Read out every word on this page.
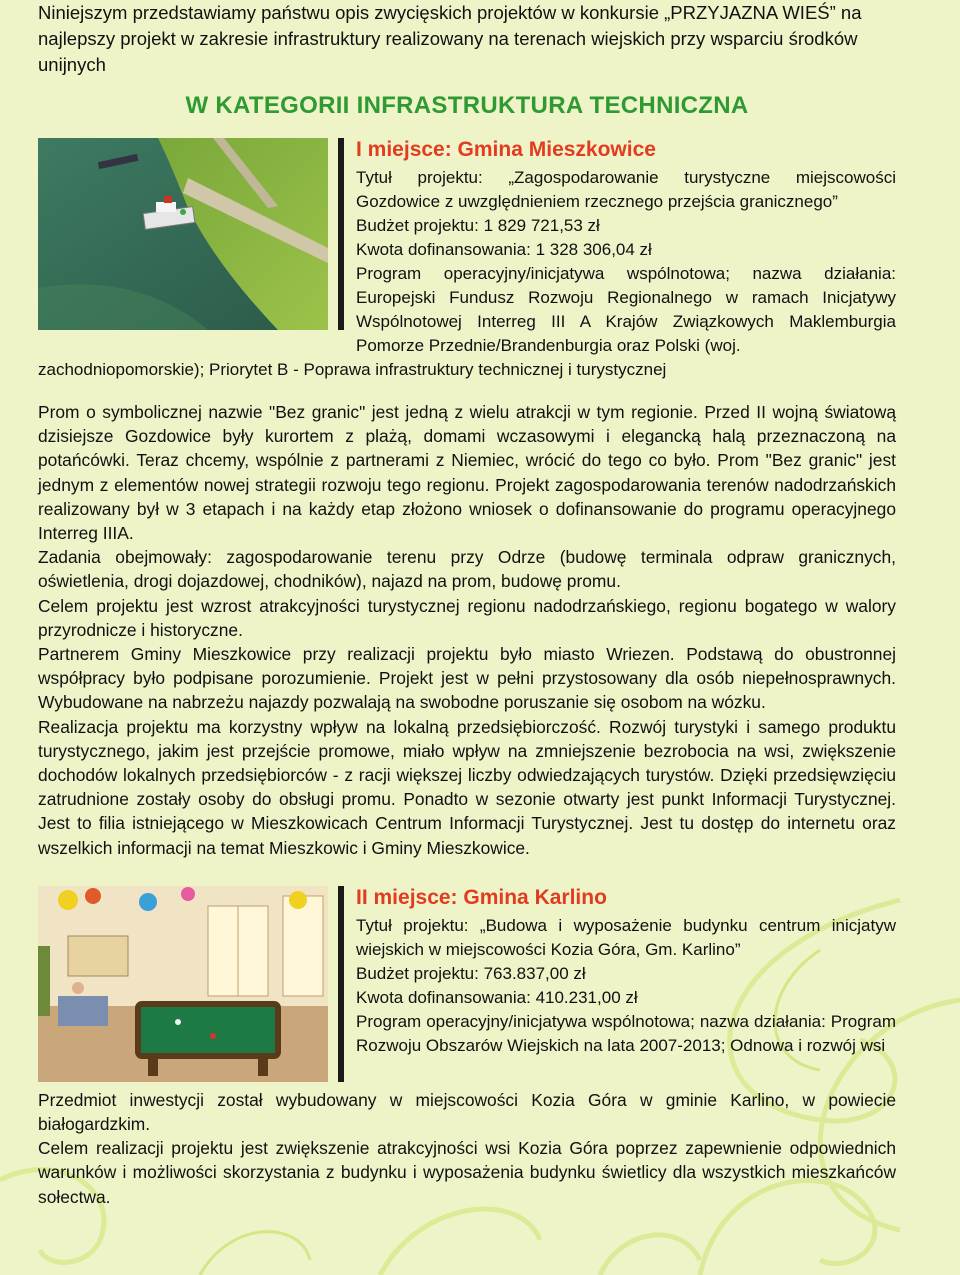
Niniejszym przedstawiamy państwu opis zwycięskich projektów w konkursie „PRZYJAZNA WIEŚ” na najlepszy projekt w zakresie infrastruktury realizowany na terenach wiejskich przy wsparciu środków unijnych

W KATEGORII INFRASTRUKTURA TECHNICZNA
I miejsce: Gmina Mieszkowice
Tytuł projektu: „Zagospodarowanie turystyczne miejscowości Gozdowice z uwzględnieniem rzecznego przejścia granicznego”
Budżet projektu: 1 829 721,53 zł
Kwota dofinansowania: 1 328 306,04 zł
Program operacyjny/inicjatywa wspólnotowa; nazwa działania: Europejski Fundusz Rozwoju Regionalnego w ramach Inicjatywy Wspólnotowej Interreg III A Krajów Związkowych Maklemburgia Pomorze Przednie/Brandenburgia oraz Polski (woj.
zachodniopomorskie); Priorytet B - Poprawa infrastruktury technicznej i turystycznej

Prom o symbolicznej nazwie "Bez granic" jest jedną z wielu atrakcji w tym regionie. Przed II wojną światową dzisiejsze Gozdowice były kurortem z plażą, domami wczasowymi i elegancką halą przeznaczoną na potańcówki. Teraz chcemy, wspólnie z partnerami z Niemiec, wrócić do tego co było. Prom "Bez granic" jest jednym z elementów nowej strategii rozwoju tego regionu. Projekt zagospodarowania terenów nadodrzańskich realizowany był w 3 etapach i na każdy etap złożono wniosek o dofinansowanie do programu operacyjnego Interreg IIIA.

Zadania obejmowały: zagospodarowanie terenu przy Odrze (budowę terminala odpraw granicznych, oświetlenia, drogi dojazdowej, chodników), najazd na prom, budowę promu.

Celem projektu jest wzrost atrakcyjności turystycznej regionu nadodrzańskiego, regionu bogatego w walory przyrodnicze i historyczne.

Partnerem Gminy Mieszkowice przy realizacji projektu było miasto Wriezen. Podstawą do obustronnej współpracy było podpisane porozumienie. Projekt jest w pełni przystosowany dla osób niepełnosprawnych. Wybudowane na nabrzeżu najazdy pozwalają na swobodne poruszanie się osobom na wózku.

Realizacja projektu ma korzystny wpływ na lokalną przedsiębiorczość. Rozwój turystyki i samego produktu turystycznego, jakim jest przejście promowe, miało wpływ na zmniejszenie bezrobocia na wsi, zwiększenie dochodów lokalnych przedsiębiorców - z racji większej liczby odwiedzających turystów. Dzięki przedsięwzięciu zatrudnione zostały osoby do obsługi promu. Ponadto w sezonie otwarty jest punkt Informacji Turystycznej. Jest to filia istniejącego w Mieszkowicach Centrum Informacji Turystycznej. Jest tu dostęp do internetu oraz wszelkich informacji na temat Mieszkowic i Gminy Mieszkowice.

II miejsce: Gmina Karlino
Tytuł projektu: „Budowa i wyposażenie budynku centrum inicjatyw wiejskich w miejscowości Kozia Góra, Gm. Karlino”
Budżet projektu: 763.837,00 zł
Kwota dofinansowania: 410.231,00 zł
Program operacyjny/inicjatywa wspólnotowa; nazwa działania: Program Rozwoju Obszarów Wiejskich na lata 2007-2013; Odnowa i rozwój wsi

Przedmiot inwestycji został wybudowany w miejscowości Kozia Góra w gminie Karlino, w powiecie białogardzkim.

Celem realizacji projektu jest zwiększenie atrakcyjności wsi Kozia Góra poprzez zapewnienie odpowiednich warunków i możliwości skorzystania z budynku i wyposażenia budynku świetlicy dla wszystkich mieszkańców sołectwa.
